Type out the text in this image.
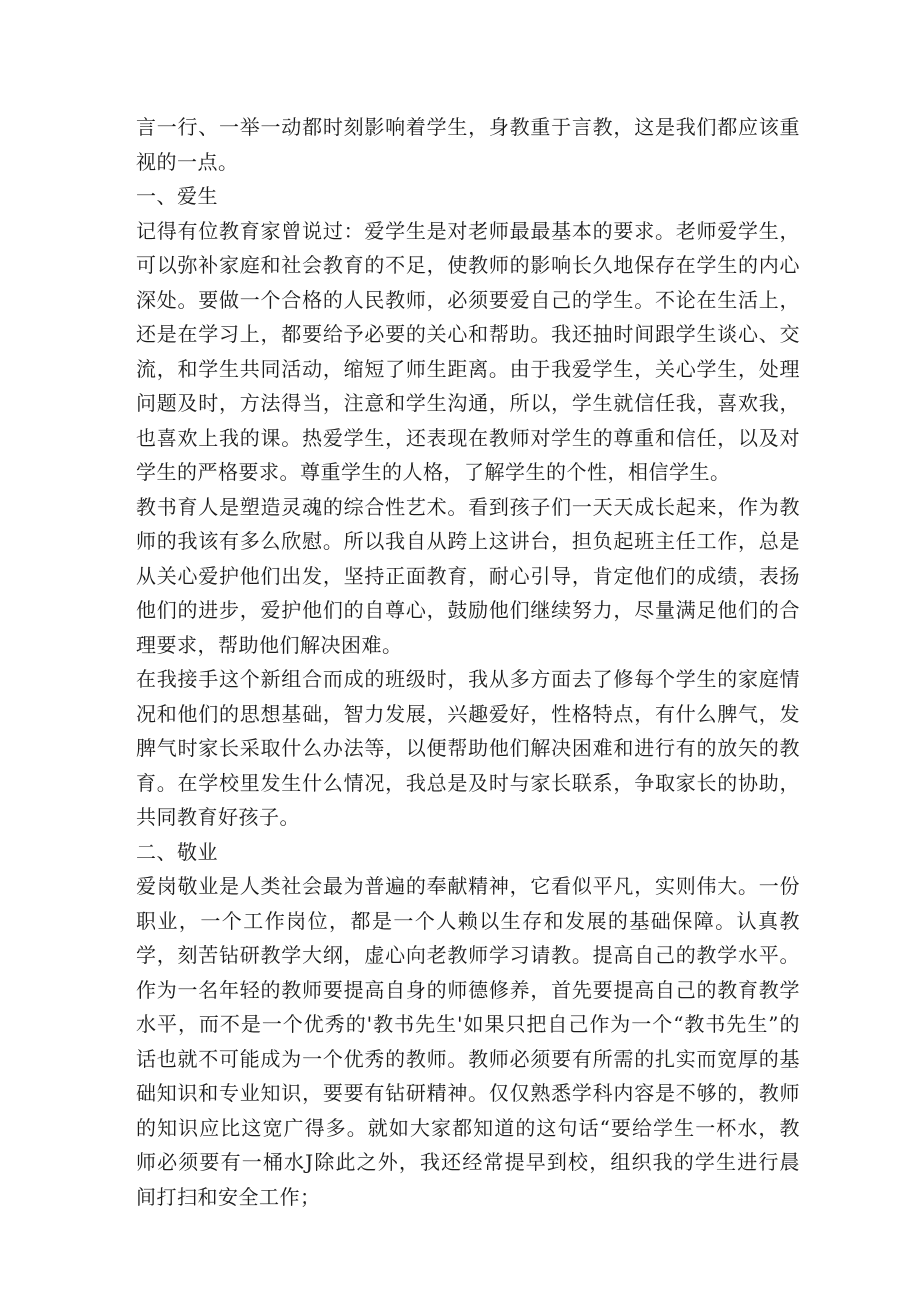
言一行、一举一动都时刻影响着学生，身教重于言教，这是我们都应该重视的一点。

一、爱生

记得有位教育家曾说过：爱学生是对老师最最基本的要求。老师爱学生，可以弥补家庭和社会教育的不足，使教师的影响长久地保存在学生的内心深处。要做一个合格的人民教师，必须要爱自己的学生。不论在生活上，还是在学习上，都要给予必要的关心和帮助。我还抽时间跟学生谈心、交流，和学生共同活动，缩短了师生距离。由于我爱学生，关心学生，处理问题及时，方法得当，注意和学生沟通，所以，学生就信任我，喜欢我，也喜欢上我的课。热爱学生，还表现在教师对学生的尊重和信任，以及对学生的严格要求。尊重学生的人格，了解学生的个性，相信学生。

教书育人是塑造灵魂的综合性艺术。看到孩子们一天天成长起来，作为教师的我该有多么欣慰。所以我自从跨上这讲台，担负起班主任工作，总是从关心爱护他们出发，坚持正面教育，耐心引导，肯定他们的成绩，表扬他们的进步，爱护他们的自尊心，鼓励他们继续努力，尽量满足他们的合理要求，帮助他们解决困难。

在我接手这个新组合而成的班级时，我从多方面去了修每个学生的家庭情况和他们的思想基础，智力发展，兴趣爱好，性格特点，有什么脾气，发脾气时家长采取什么办法等，以便帮助他们解决困难和进行有的放矢的教育。在学校里发生什么情况，我总是及时与家长联系，争取家长的协助，共同教育好孩子。

二、敬业

爱岗敬业是人类社会最为普遍的奉献精神，它看似平凡，实则伟大。一份职业，一个工作岗位，都是一个人赖以生存和发展的基础保障。认真教学，刻苦钻研教学大纲，虚心向老教师学习请教。提高自己的教学水平。作为一名年轻的教师要提高自身的师德修养，首先要提高自己的教育教学水平，而不是一个优秀的'教书先生'如果只把自己作为一个“教书先生”的话也就不可能成为一个优秀的教师。教师必须要有所需的扎实而宽厚的基础知识和专业知识，要要有钻研精神。仅仅熟悉学科内容是不够的，教师的知识应比这宽广得多。就如大家都知道的这句话“要给学生一杯水，教师必须要有一桶水J除此之外，我还经常提早到校，组织我的学生进行晨间打扫和安全工作；
